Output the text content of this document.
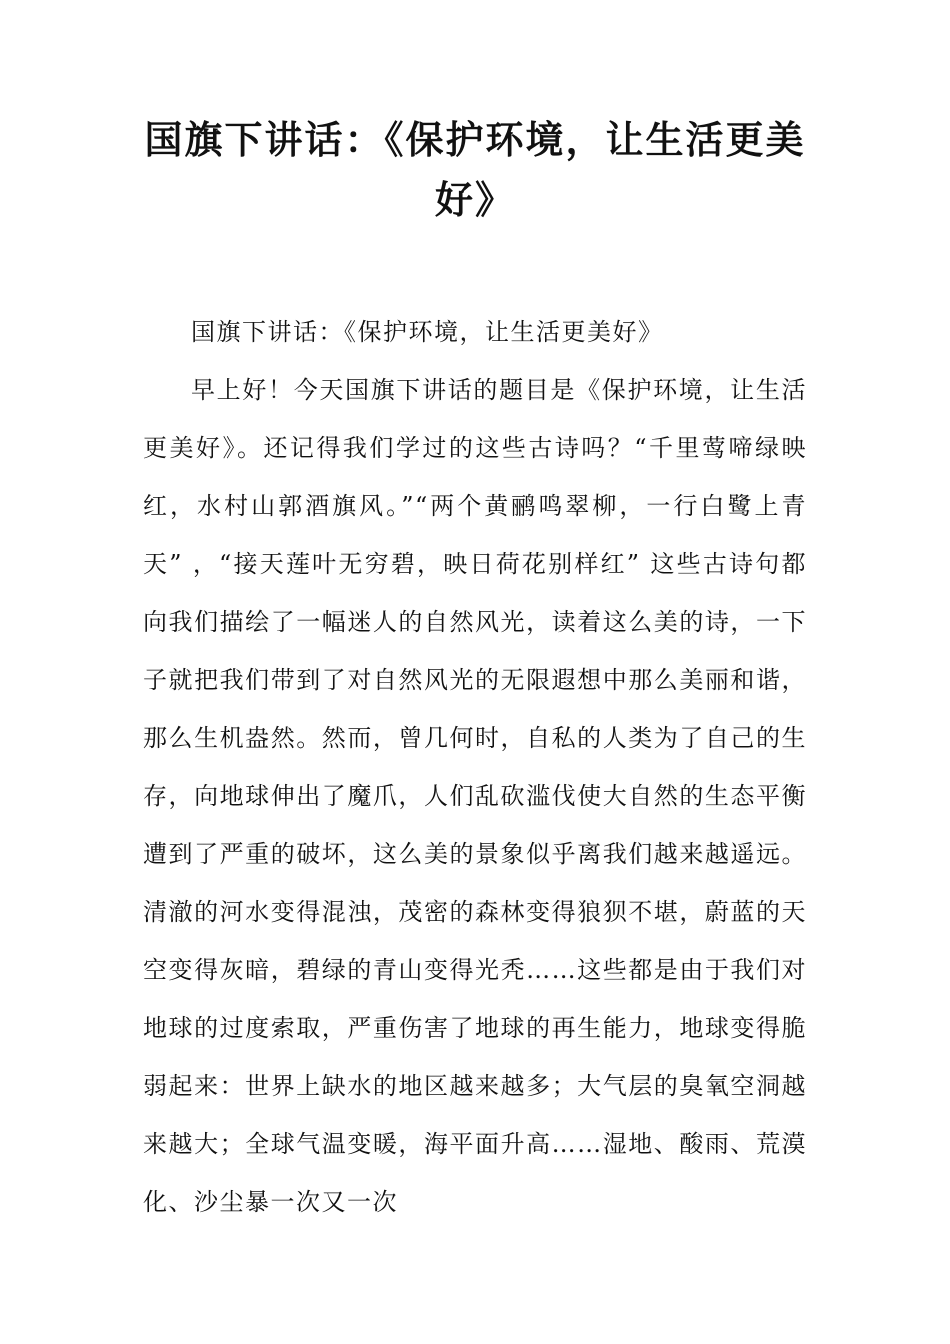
国旗下讲话：《保护环境，让生活更美好》

国旗下讲话：《保护环境，让生活更美好》

早上好！今天国旗下讲话的题目是《保护环境，让生活更美好》。还记得我们学过的这些古诗吗？“千里莺啼绿映红，水村山郭酒旗风。”“两个黄鹂鸣翠柳，一行白鹭上青天” ，“接天莲叶无穷碧，映日荷花别样红” 这些古诗句都向我们描绘了一幅迷人的自然风光，读着这么美的诗，一下子就把我们带到了对自然风光的无限遐想中那么美丽和谐，那么生机盎然。然而，曾几何时，自私的人类为了自己的生存，向地球伸出了魔爪，人们乱砍滥伐使大自然的生态平衡遭到了严重的破坏，这么美的景象似乎离我们越来越遥远。清澈的河水变得混浊，茂密的森林变得狼狈不堪，蔚蓝的天空变得灰暗，碧绿的青山变得光秃……这些都是由于我们对地球的过度索取，严重伤害了地球的再生能力，地球变得脆弱起来：世界上缺水的地区越来越多；大气层的臭氧空洞越来越大；全球气温变暖，海平面升高……湿地、酸雨、荒漠化、沙尘暴一次又一次
